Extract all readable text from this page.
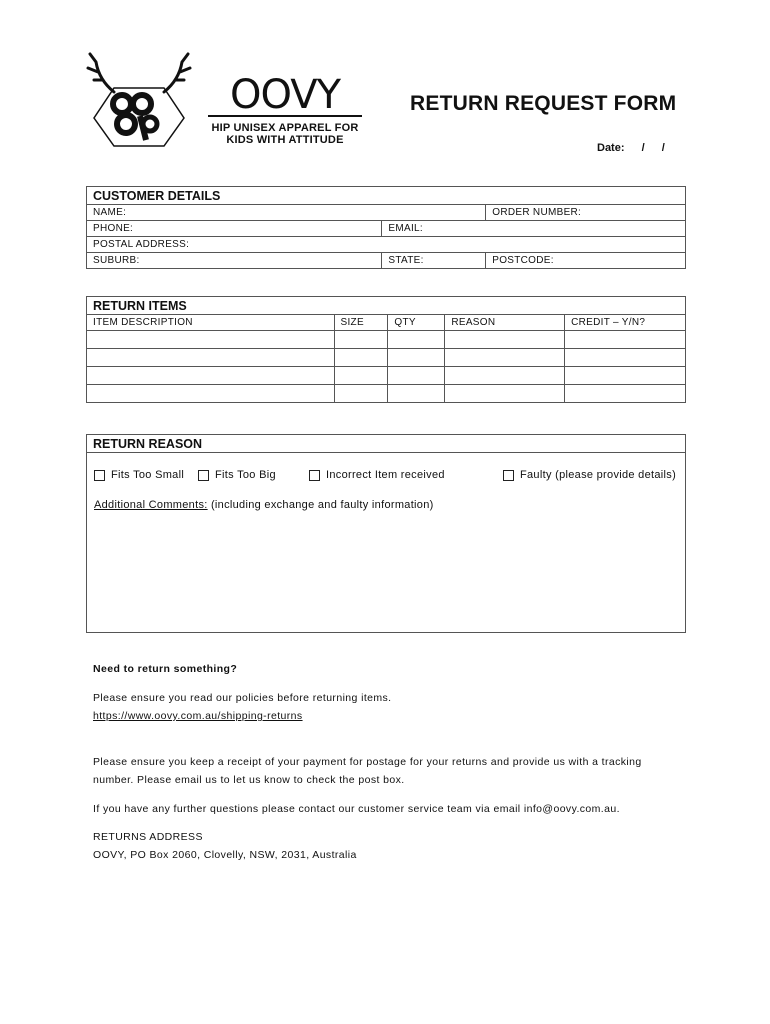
OOVY
HIP UNISEX APPAREL FOR
KIDS WITH ATTITUDE
RETURN REQUEST FORM
Date: / /
CUSTOMER DETAILS		
NAME:		ORDER NUMBER:
PHONE:	EMAIL:	
POSTAL ADDRESS:		
SUBURB:	STATE:	POSTCODE:
RETURN ITEMS				
ITEM DESCRIPTION	SIZE	QTY	REASON	CREDIT – Y/N?

RETURN REASON
Fits Too Small	Fits Too Big	Incorrect Item received	Faulty (please provide details)
Additional Comments: (including exchange and faulty information)
Need to return something?
Please ensure you read our policies before returning items.
https://www.oovy.com.au/shipping-returns
Please ensure you keep a receipt of your payment for postage for your returns and provide us with a tracking
number. Please email us to let us know to check the post box.
If you have any further questions please contact our customer service team via email info@oovy.com.au.
RETURNS ADDRESS
OOVY, PO Box 2060, Clovelly, NSW, 2031, Australia
